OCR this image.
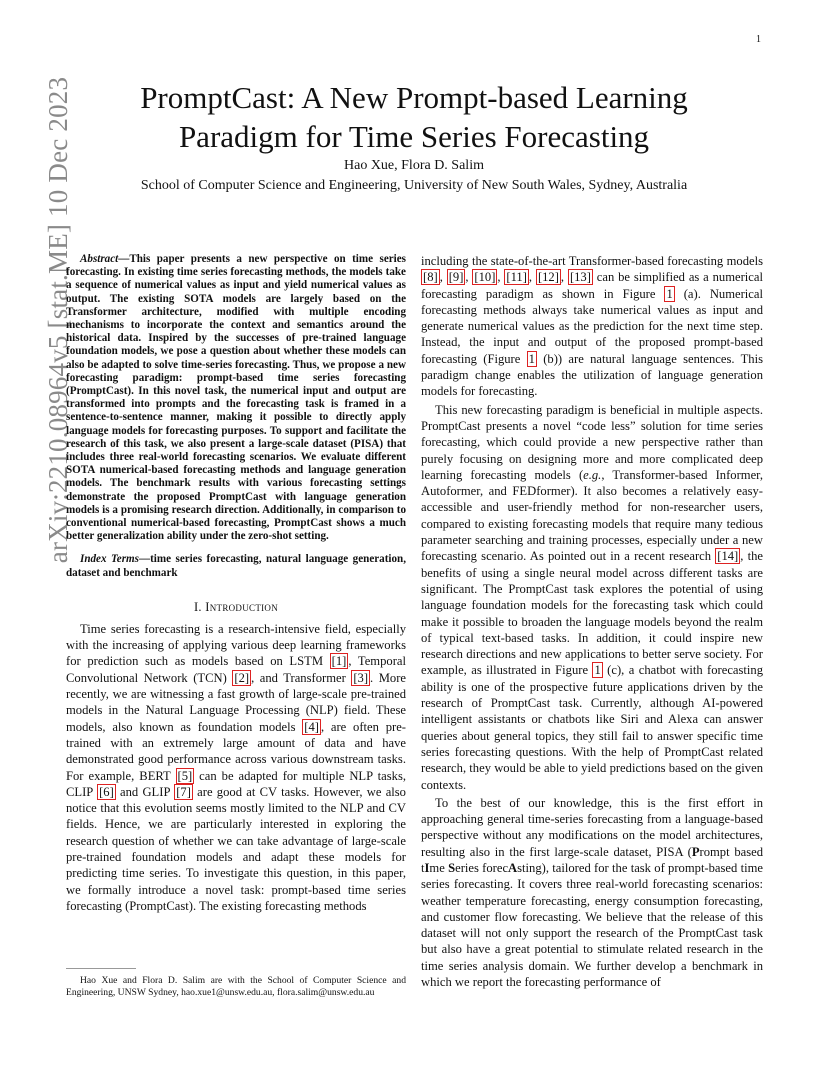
1
arXiv:2210.08964v5 [stat.ME] 10 Dec 2023	PromptCast: A New Prompt-based Learning
Paradigm for Time Series Forecasting
Hao Xue, Flora D. Salim
School of Computer Science and Engineering, University of New South Wales, Sydney, Australia

Abstract—This paper presents a new perspective on time series forecasting. In existing time series forecasting methods, the models take a sequence of numerical values as input and yield numerical values as output. The existing SOTA models are largely based on the Transformer architecture, modified with multiple encoding mechanisms to incorporate the context and semantics around the historical data. Inspired by the successes of pre-trained language foundation models, we pose a question about whether these models can also be adapted to solve time-series forecasting. Thus, we propose a new forecasting paradigm: prompt-based time series forecasting (PromptCast). In this novel task, the numerical input and output are transformed into prompts and the forecasting task is framed in a sentence-to-sentence manner, making it possible to directly apply language models for forecasting purposes. To support and facilitate the research of this task, we also present a large-scale dataset (PISA) that includes three real-world forecasting scenarios. We evaluate different SOTA numerical-based forecasting methods and language generation models. The benchmark results with various forecasting settings demonstrate the proposed PromptCast with language generation models is a promising research direction. Additionally, in comparison to conventional numerical-based forecasting, PromptCast shows a much better generalization ability under the zero-shot setting.

Index Terms—time series forecasting, natural language generation, dataset and benchmark

I. Introduction

Time series forecasting is a research-intensive field, especially with the increasing of applying various deep learning frameworks for prediction such as models based on LSTM [1] , Temporal Convolutional Network (TCN) [2] , and Transformer [3] . More recently, we are witnessing a fast growth of large-scale pre-trained models in the Natural Language Processing (NLP) field. These models, also known as foundation models [4] , are often pre-trained with an extremely large amount of data and have demonstrated good performance across various downstream tasks. For example, BERT [5] can be adapted for multiple NLP tasks, CLIP [6] and GLIP [7] are good at CV tasks. However, we also notice that this evolution seems mostly limited to the NLP and CV fields. Hence, we are particularly interested in exploring the research question of whether we can take advantage of large-scale pre-trained foundation models and adapt these models for predicting time series. To investigate this question, in this paper, we formally introduce a novel task: prompt-based time series forecasting (PromptCast). The existing forecasting methods

Hao Xue and Flora D. Salim are with the School of Computer Science and Engineering, UNSW Sydney, hao.xue1@unsw.edu.au, flora.salim@unsw.edu.au

including the state-of-the-art Transformer-based forecasting models [8] , [9] , [10] , [11] , [12] , [13] can be simplified as a numerical forecasting paradigm as shown in Figure 1 (a). Numerical forecasting methods always take numerical values as input and generate numerical values as the prediction for the next time step. Instead, the input and output of the proposed prompt-based forecasting (Figure 1 (b)) are natural language sentences. This paradigm change enables the utilization of language generation models for forecasting.

This new forecasting paradigm is beneficial in multiple aspects. PromptCast presents a novel “code less” solution for time series forecasting, which could provide a new perspective rather than purely focusing on designing more and more complicated deep learning forecasting models (e.g., Transformer-based Informer, Autoformer, and FEDformer). It also becomes a relatively easy-accessible and user-friendly method for non-researcher users, compared to existing forecasting models that require many tedious parameter searching and training processes, especially under a new forecasting scenario. As pointed out in a recent research [14] , the benefits of using a single neural model across different tasks are significant. The PromptCast task explores the potential of using language foundation models for the forecasting task which could make it possible to broaden the language models beyond the realm of typical text-based tasks. In addition, it could inspire new research directions and new applications to better serve society. For example, as illustrated in Figure 1 (c), a chatbot with forecasting ability is one of the prospective future applications driven by the research of PromptCast task. Currently, although AI-powered intelligent assistants or chatbots like Siri and Alexa can answer queries about general topics, they still fail to answer specific time series forecasting questions. With the help of PromptCast related research, they would be able to yield predictions based on the given contexts.

To the best of our knowledge, this is the first effort in approaching general time-series forecasting from a language-based perspective without any modifications on the model architectures, resulting also in the first large-scale dataset, PISA (Prompt based tIme Series forecAsting), tailored for the task of prompt-based time series forecasting. It covers three real-world forecasting scenarios: weather temperature forecasting, energy consumption forecasting, and customer flow forecasting. We believe that the release of this dataset will not only support the research of the PromptCast task but also have a great potential to stimulate related research in the time series analysis domain. We further develop a benchmark in which we report the forecasting performance of
